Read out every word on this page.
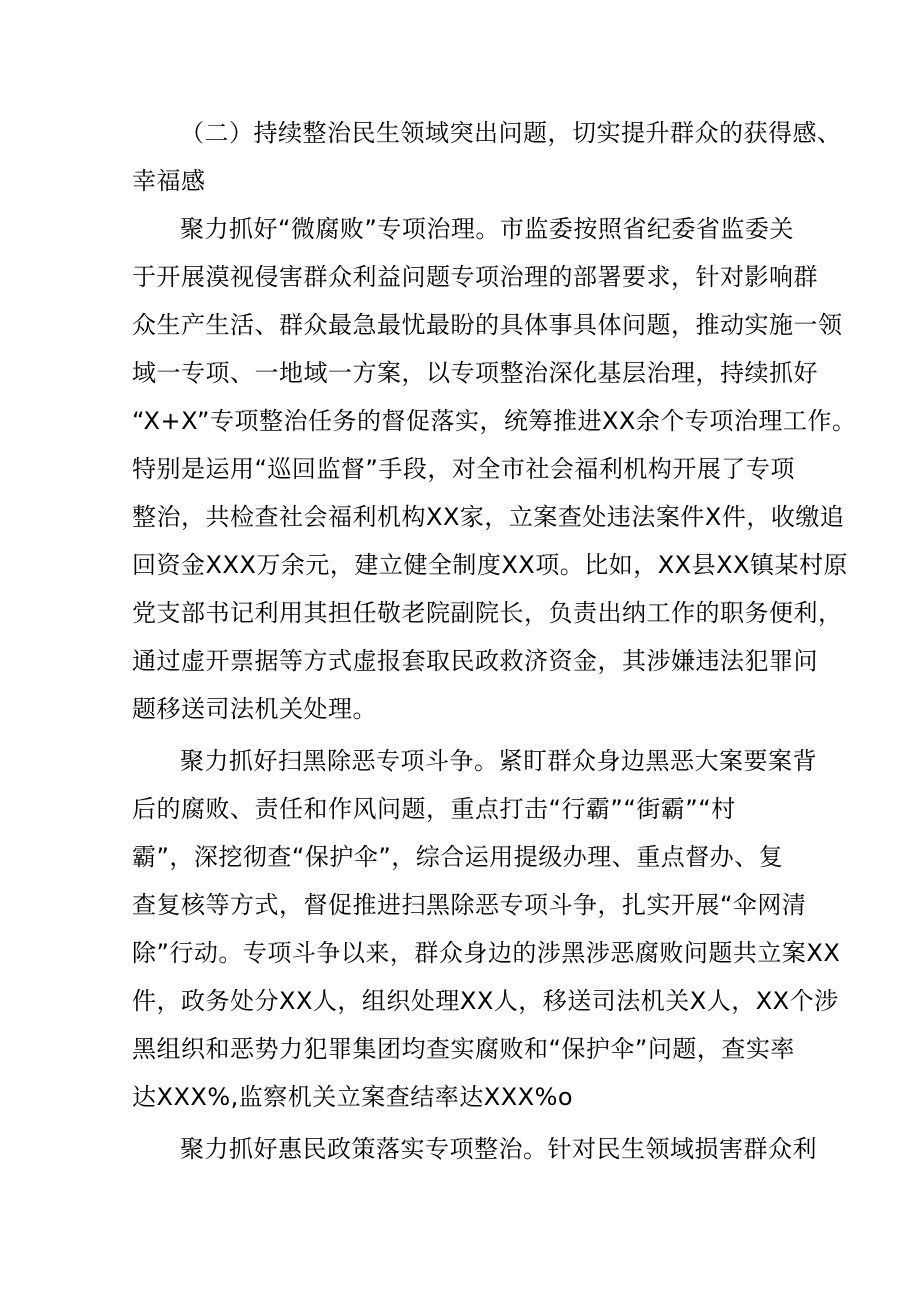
（二）持续整治民生领域突出问题，切实提升群众的获得感、
幸福感
聚力抓好“微腐败”专项治理。市监委按照省纪委省监委关
于开展漠视侵害群众利益问题专项治理的部署要求，针对影响群
众生产生活、群众最急最忧最盼的具体事具体问题，推动实施一领
域一专项、一地域一方案，以专项整治深化基层治理，持续抓好
“X+X”专项整治任务的督促落实，统筹推进XX余个专项治理工作。
特别是运用“巡回监督”手段，对全市社会福利机构开展了专项
整治，共检查社会福利机构XX家，立案查处违法案件X件，收缴追
回资金XXX万余元，建立健全制度XX项。比如，XX县XX镇某村原
党支部书记利用其担任敬老院副院长，负责出纳工作的职务便利，
通过虚开票据等方式虚报套取民政救济资金，其涉嫌违法犯罪问
题移送司法机关处理。
聚力抓好扫黑除恶专项斗争。紧盯群众身边黑恶大案要案背
后的腐败、责任和作风问题，重点打击“行霸”“街霸”“村
霸”，深挖彻查“保护伞”，综合运用提级办理、重点督办、复
查复核等方式，督促推进扫黑除恶专项斗争，扎实开展“伞网清
除”行动。专项斗争以来，群众身边的涉黑涉恶腐败问题共立案XX
件，政务处分XX人，组织处理XX人，移送司法机关X人，XX个涉
黑组织和恶势力犯罪集团均查实腐败和“保护伞”问题，查实率
达XXX%,监察机关立案查结率达XXX%o
聚力抓好惠民政策落实专项整治。针对民生领域损害群众利
